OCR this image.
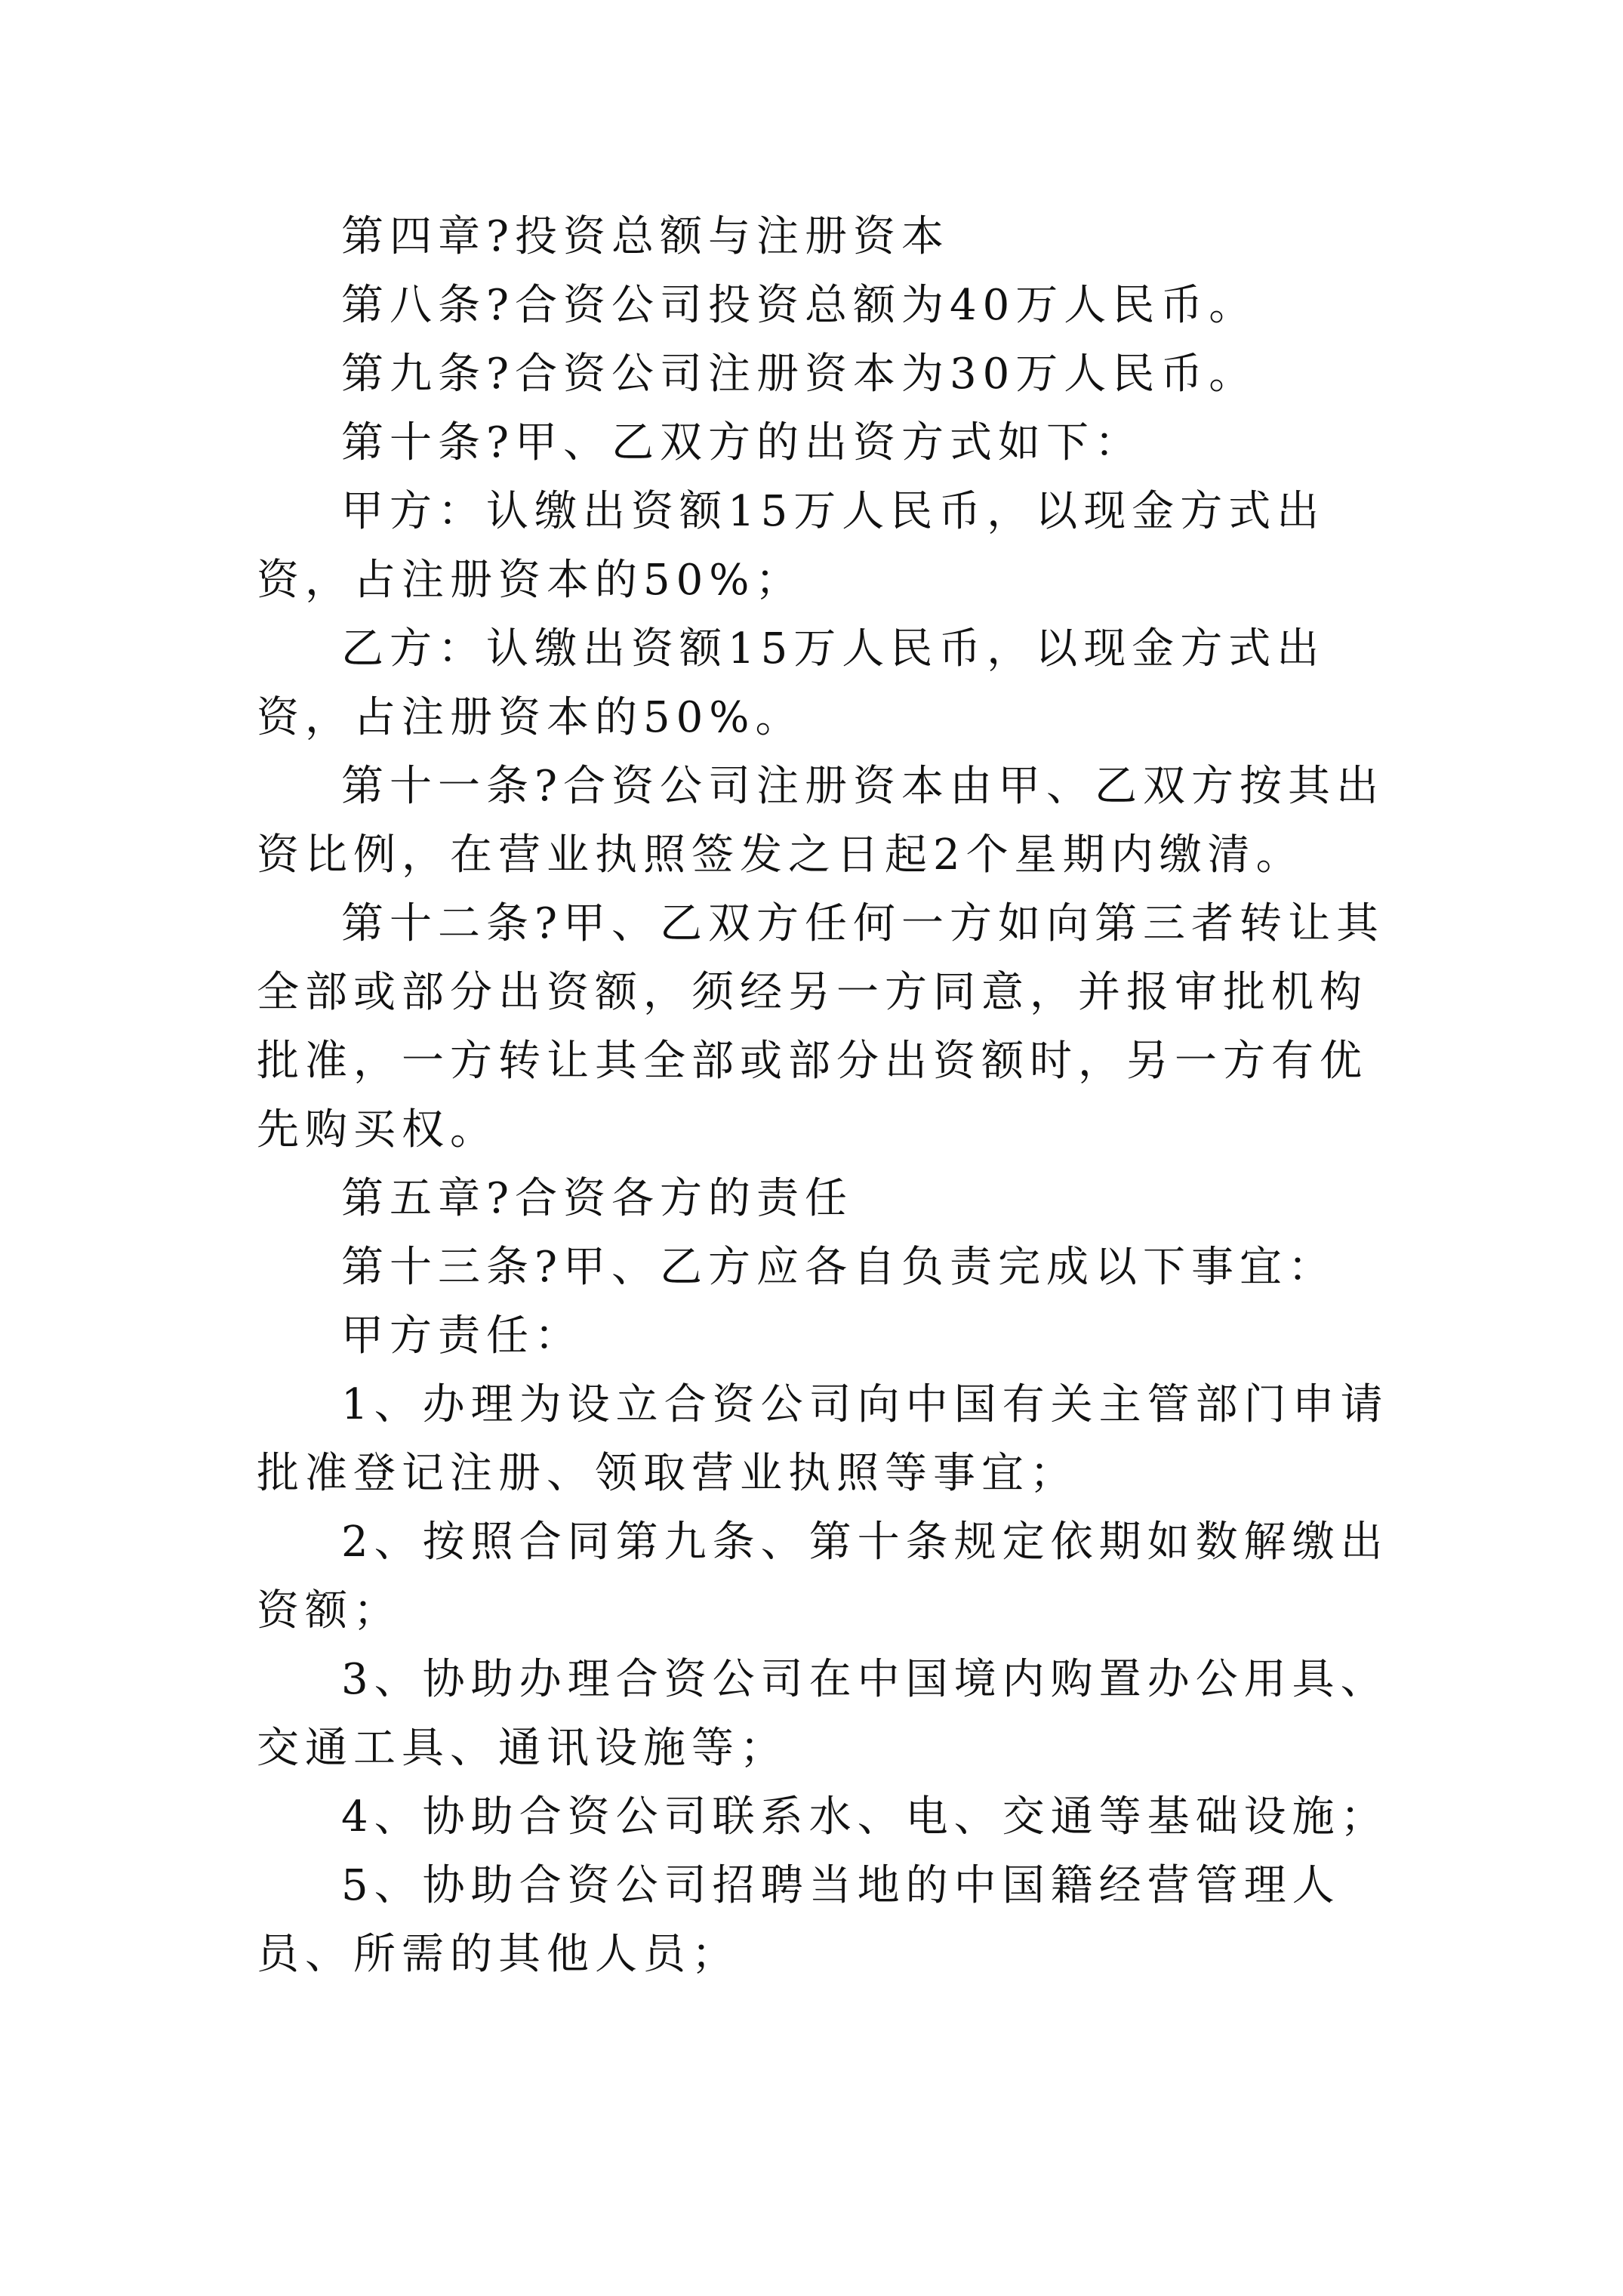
第四章?投资总额与注册资本

第八条?合资公司投资总额为40万人民币。

第九条?合资公司注册资本为30万人民币。

第十条?甲、乙双方的出资方式如下：

甲方：认缴出资额15万人民币，以现金方式出资，占注册资本的50%；

乙方：认缴出资额15万人民币，以现金方式出资，占注册资本的50%。

第十一条?合资公司注册资本由甲、乙双方按其出资比例，在营业执照签发之日起2个星期内缴清。

第十二条?甲、乙双方任何一方如向第三者转让其全部或部分出资额，须经另一方同意，并报审批机构批准，一方转让其全部或部分出资额时，另一方有优先购买权。

第五章?合资各方的责任

第十三条?甲、乙方应各自负责完成以下事宜：

甲方责任：

1、办理为设立合资公司向中国有关主管部门申请批准登记注册、领取营业执照等事宜；

2、按照合同第九条、第十条规定依期如数解缴出资额；

3、协助办理合资公司在中国境内购置办公用具、交通工具、通讯设施等；

4、协助合资公司联系水、电、交通等基础设施；

5、协助合资公司招聘当地的中国籍经营管理人员、所需的其他人员；
